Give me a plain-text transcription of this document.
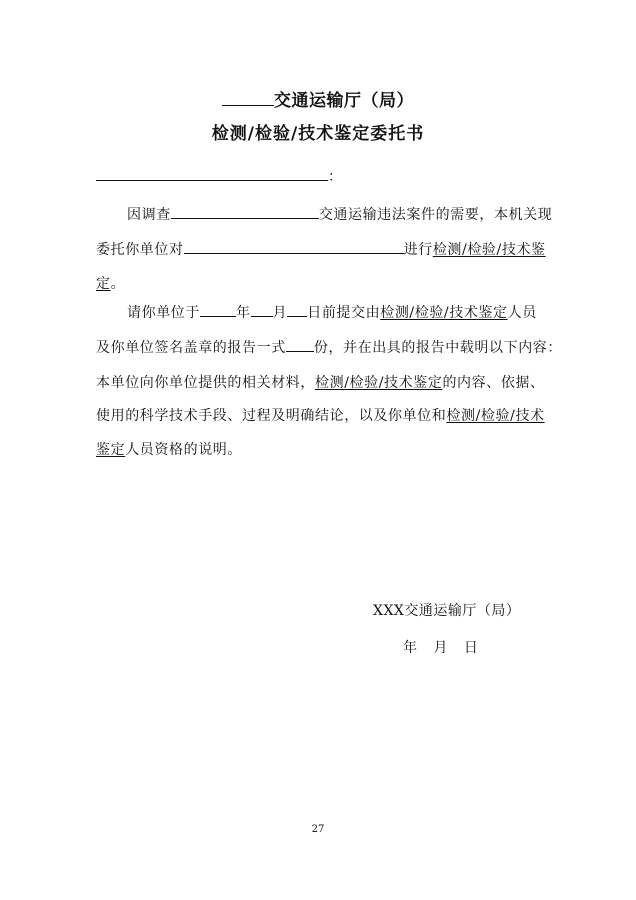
交通运输厅（局）
检测/检验/技术鉴定委托书
：
因调查	交通运输违法案件的需要，本机关现
委托你单位对	进行检测/检验/技术鉴
定。
请你单位于	年 月 日前提交由检测/检验/技术鉴定人员
及你单位签名盖章的报告一式 份，并在出具的报告中载明以下内容：
本单位向你单位提供的相关材料，检测/检验/技术鉴定的内容、依据、
使用的科学技术手段、过程及明确结论，以及你单位和检测/检验/技术
鉴定人员资格的说明。
XXX交通运输厅（局）
年 月 日
27
